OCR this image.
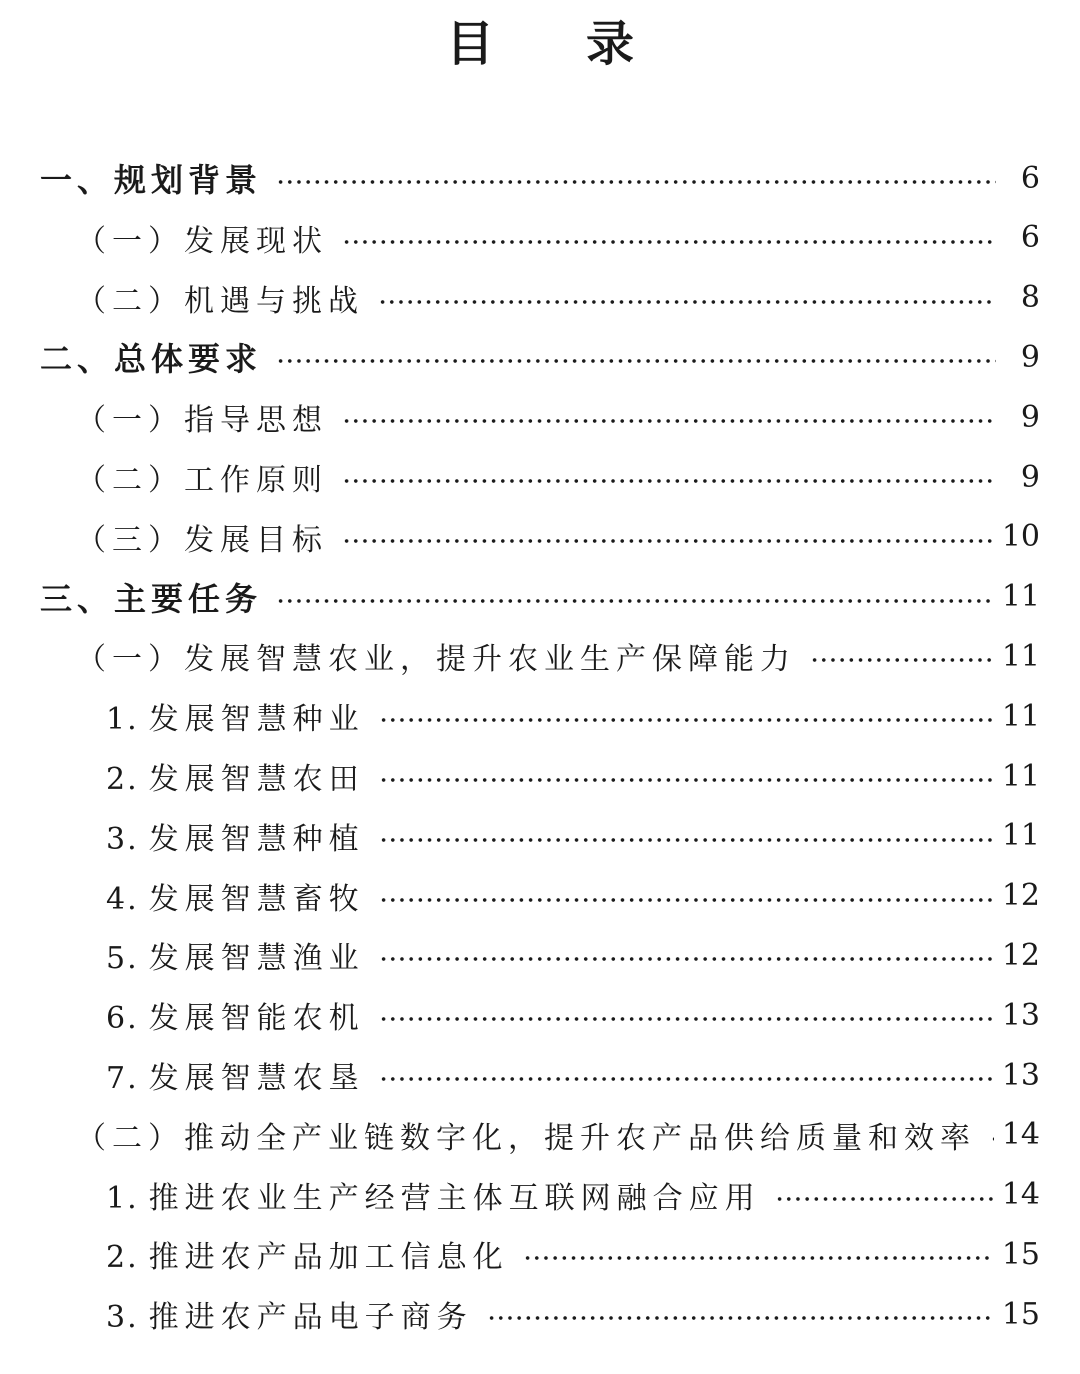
目 录
一、规划背景	6
（一）发展现状	6
（二）机遇与挑战	8
二、总体要求	9
（一）指导思想	9
（二）工作原则	9
（三）发展目标	10
三、主要任务	11
（一）发展智慧农业，提升农业生产保障能力	11
1. 发展智慧种业	11
2. 发展智慧农田	11
3. 发展智慧种植	11
4. 发展智慧畜牧	12
5. 发展智慧渔业	12
6. 发展智能农机	13
7. 发展智慧农垦	13
（二）推动全产业链数字化，提升农产品供给质量和效率 14
1. 推进农业生产经营主体互联网融合应用	14
2. 推进农产品加工信息化	15
3. 推进农产品电子商务	15
